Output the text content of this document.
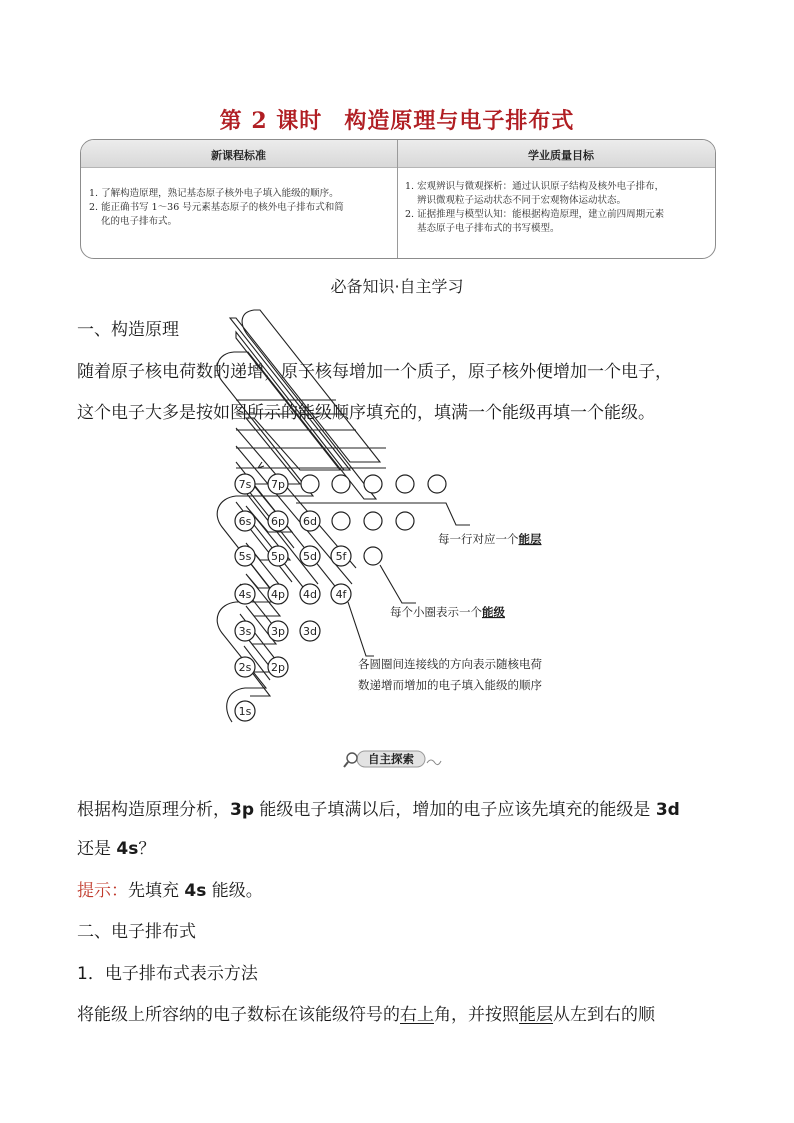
第 2 课时 构造原理与电子排布式
新课程标准	学业质量目标

1. 了解构造原理，熟记基态原子核外电子填入能级的顺序。

2. 能正确书写 1～36 号元素基态原子的核外电子排布式和简

化的电子排布式。

1. 宏观辨识与微观探析：通过认识原子结构及核外电子排布，

辨识微观粒子运动状态不同于宏观物体运动状态。

2. 证据推理与模型认知：能根据构造原理，建立前四周期元素

基态原子电子排布式的书写模型。

必备知识·自主学习
一、构造原理
随着原子核电荷数的递增，原子核每增加一个质子，原子核外便增加一个电子，
这个电子大多是按如图所示的能级顺序填充的，填满一个能级再填一个能级。
7s 7p
6s 6p 6d
5s 5p 5d 5f
4s 4p 4d 4f
3s 3p 3d
2s 2p
1s
每一行对应一个能层
每个小圈表示一个能级
各圆圈间连接线的方向表示随核电荷
数递增而增加的电子填入能级的顺序
自主探索
根据构造原理分析，3p 能级电子填满以后，增加的电子应该先填充的能级是 3d
还是 4s？
提示：先填充 4s 能级。
二、电子排布式
1．电子排布式表示方法
将能级上所容纳的电子数标在该能级符号的右上角，并按照能层从左到右的顺
